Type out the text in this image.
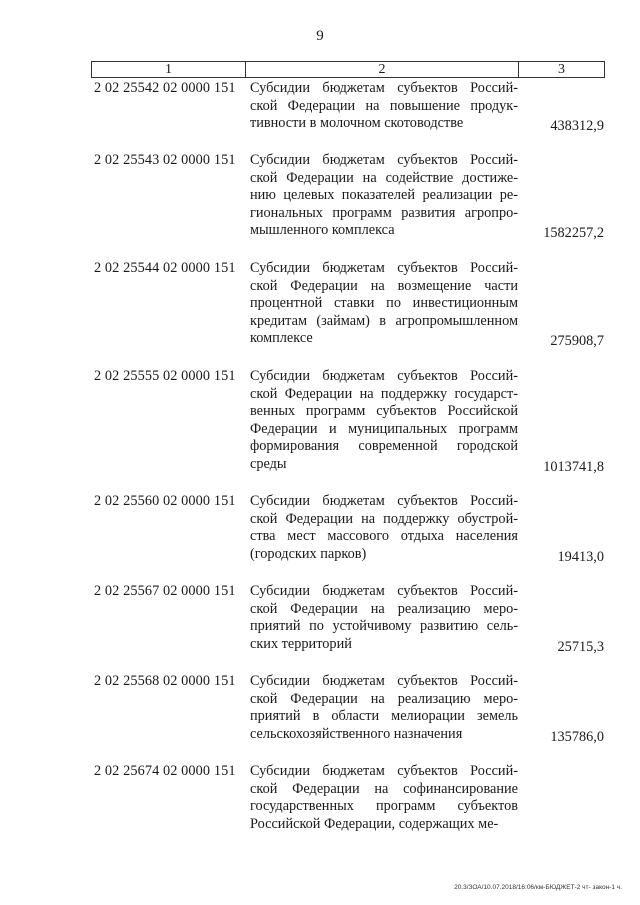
9
1	2	3
2 02 25542 02 0000 151 Субсидии бюджетам субъектов Россий-
ской Федерации на повышение продук-
тивности в молочном скотоводстве	438312,9
2 02 25543 02 0000 151 Субсидии бюджетам субъектов Россий-
ской Федерации на содействие достиже-
нию целевых показателей реализации ре-
гиональных программ развития агропро-
мышленного комплекса	1582257,2
2 02 25544 02 0000 151 Субсидии бюджетам субъектов Россий-
ской Федерации на возмещение части
процентной ставки по инвестиционным
кредитам (займам) в агропромышленном
комплексе	275908,7
2 02 25555 02 0000 151 Субсидии бюджетам субъектов Россий-
ской Федерации на поддержку государст-
венных программ субъектов Российской
Федерации и муниципальных программ
формирования современной городской
среды	1013741,8
2 02 25560 02 0000 151 Субсидии бюджетам субъектов Россий-
ской Федерации на поддержку обустрой-
ства мест массового отдыха населения
(городских парков)	19413,0
2 02 25567 02 0000 151 Субсидии бюджетам субъектов Россий-
ской Федерации на реализацию меро-
приятий по устойчивому развитию сель-
ских территорий	25715,3
2 02 25568 02 0000 151 Субсидии бюджетам субъектов Россий-
ской Федерации на реализацию меро-
приятий в области мелиорации земель
сельскохозяйственного назначения	135786,0
2 02 25674 02 0000 151 Субсидии бюджетам субъектов Россий-
ской Федерации на софинансирование
государственных программ субъектов
Российской Федерации, содержащих ме-
20.3/ЗОА/10.07.2018/16:06/км-БЮДЖЕТ-2 чт- закон-1 ч.
